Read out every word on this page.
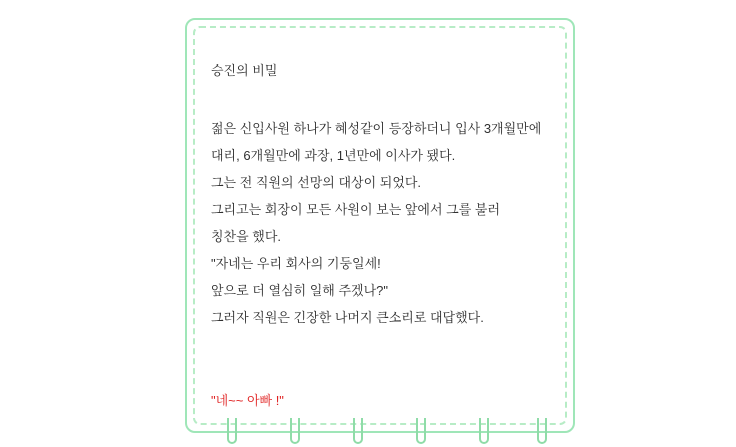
승진의 비밀
젊은 신입사원 하나가 혜성같이 등장하더니 입사 3개월만에
대리, 6개월만에 과장, 1년만에 이사가 됐다.
그는 전 직원의 선망의 대상이 되었다.
그리고는 회장이 모든 사원이 보는 앞에서 그를 불러
칭찬을 했다.
"자네는 우리 회사의 기둥일세!
앞으로 더 열심히 일해 주겠나?"
그러자 직원은 긴장한 나머지 큰소리로 대답했다.
"네~~ 아빠 !"
